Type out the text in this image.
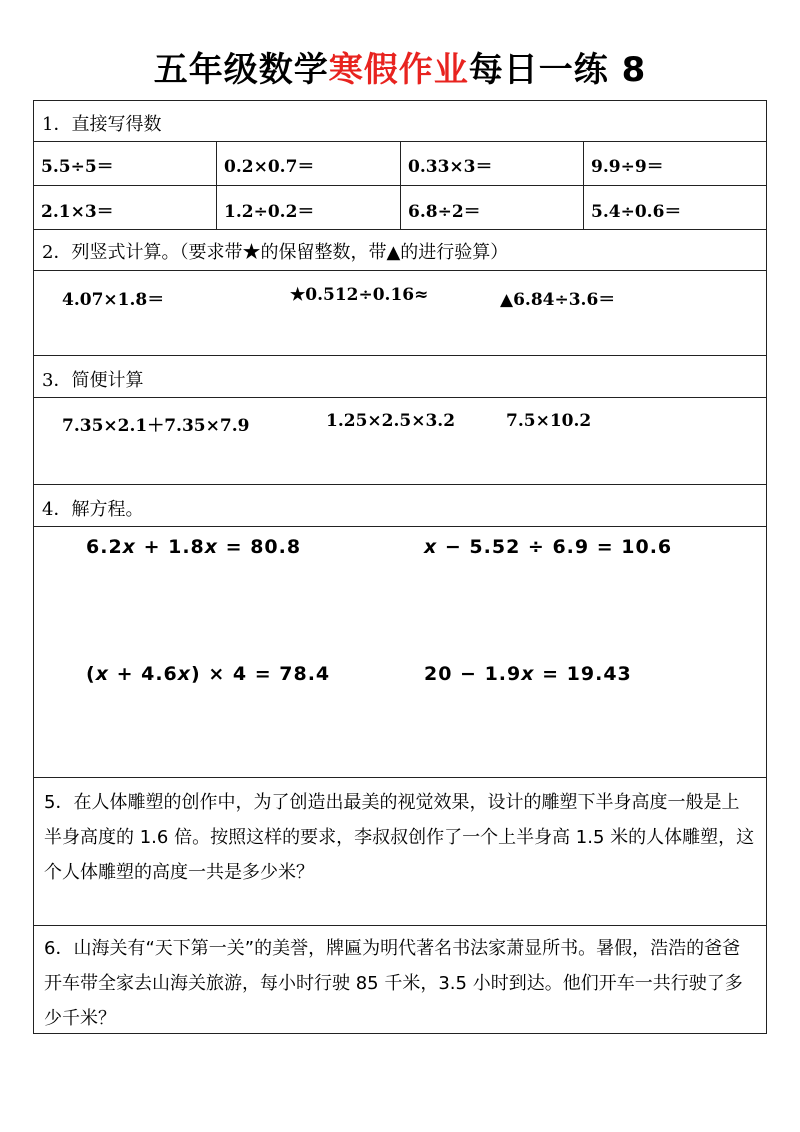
五年级数学寒假作业每日一练 8
1．直接写得数
5.5÷5＝	0.2×0.7＝	0.33×3＝	9.9÷9＝
2.1×3＝	1.2÷0.2＝	6.8÷2＝	5.4÷0.6＝
2．列竖式计算。（要求带★的保留整数，带▲的进行验算）
4.07×1.8＝	★0.512÷0.16≈	▲6.84÷3.6＝
3．简便计算
7.35×2.1＋7.35×7.9	1.25×2.5×3.2	7.5×10.2
4．解方程。
6.2x + 1.8x = 80.8	x − 5.52 ÷ 6.9 = 10.6
(x + 4.6x) × 4 = 78.4	20 − 1.9x = 19.43
5．在人体雕塑的创作中，为了创造出最美的视觉效果，设计的雕塑下半身高度一般是上半身高度的 1.6 倍。按照这样的要求，李叔叔创作了一个上半身高 1.5 米的人体雕塑，这个人体雕塑的高度一共是多少米？
6．山海关有“天下第一关”的美誉，牌匾为明代著名书法家萧显所书。暑假，浩浩的爸爸开车带全家去山海关旅游，每小时行驶 85 千米，3.5 小时到达。他们开车一共行驶了多少千米？
